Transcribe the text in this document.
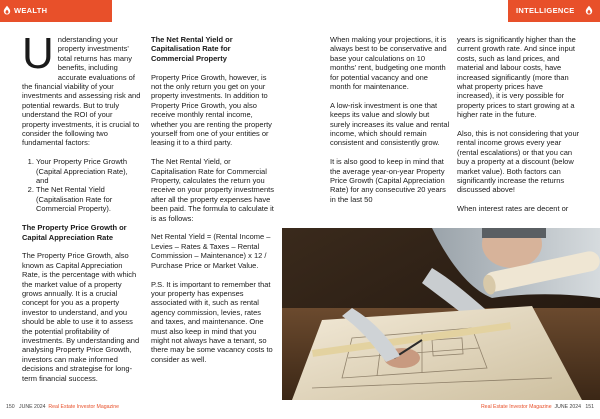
WEALTH	INTELLIGENCE

Understanding your property investments' total returns has many benefits, including accurate evaluations of the financial viability of your investments and assessing risk and potential rewards. But to truly understand the ROI of your property investments, it is crucial to consider the following two fundamental factors:

1. Your Property Price Growth (Capital Appreciation Rate), and
2. The Net Rental Yield (Capitalisation Rate for Commercial Property).

The Property Price Growth or Capital Appreciation Rate

The Property Price Growth, also known as Capital Appreciation Rate, is the percentage with which the market value of a property grows annually. It is a crucial concept for you as a property investor to understand, and you should be able to use it to assess the potential profitability of investments. By understanding and analysing Property Price Growth, investors can make informed decisions and strategise for long-term financial success.

The Net Rental Yield or Capitalisation Rate for Commercial Property

Property Price Growth, however, is not the only return you get on your property investments. In addition to Property Price Growth, you also receive monthly rental income, whether you are renting the property yourself from one of your entities or leasing it to a third party.

The Net Rental Yield, or Capitalisation Rate for Commercial Property, calculates the return you receive on your property investments after all the property expenses have been paid. The formula to calculate it is as follows:

Net Rental Yield = (Rental Income – Levies – Rates & Taxes – Rental Commission – Maintenance) x 12 / Purchase Price or Market Value.

P.S. It is important to remember that your property has expenses associated with it, such as rental agency commission, levies, rates and taxes, and maintenance. One must also keep in mind that you might not always have a tenant, so there may be some vacancy costs to consider as well.

When making your projections, it is always best to be conservative and base your calculations on 10 months' rent, budgeting one month for potential vacancy and one month for maintenance.

A low-risk investment is one that keeps its value and slowly but surely increases its value and rental income, which should remain consistent and consistently grow.

It is also good to keep in mind that the average year-on-year Property Price Growth (Capital Appreciation Rate) for any consecutive 20 years in the last 50

years is significantly higher than the current growth rate. And since input costs, such as land prices, and material and labour costs, have increased significantly (more than what property prices have increased), it is very possible for property prices to start growing at a higher rate in the future.

Also, this is not considering that your rental income grows every year (rental escalations) or that you can buy a property at a discount (below market value). Both factors can significantly increase the returns discussed above!

When interest rates are decent or

150 JUNE 2024 Real Estate Investor Magazine	Real Estate Investor Magazine JUNE 2024 151
